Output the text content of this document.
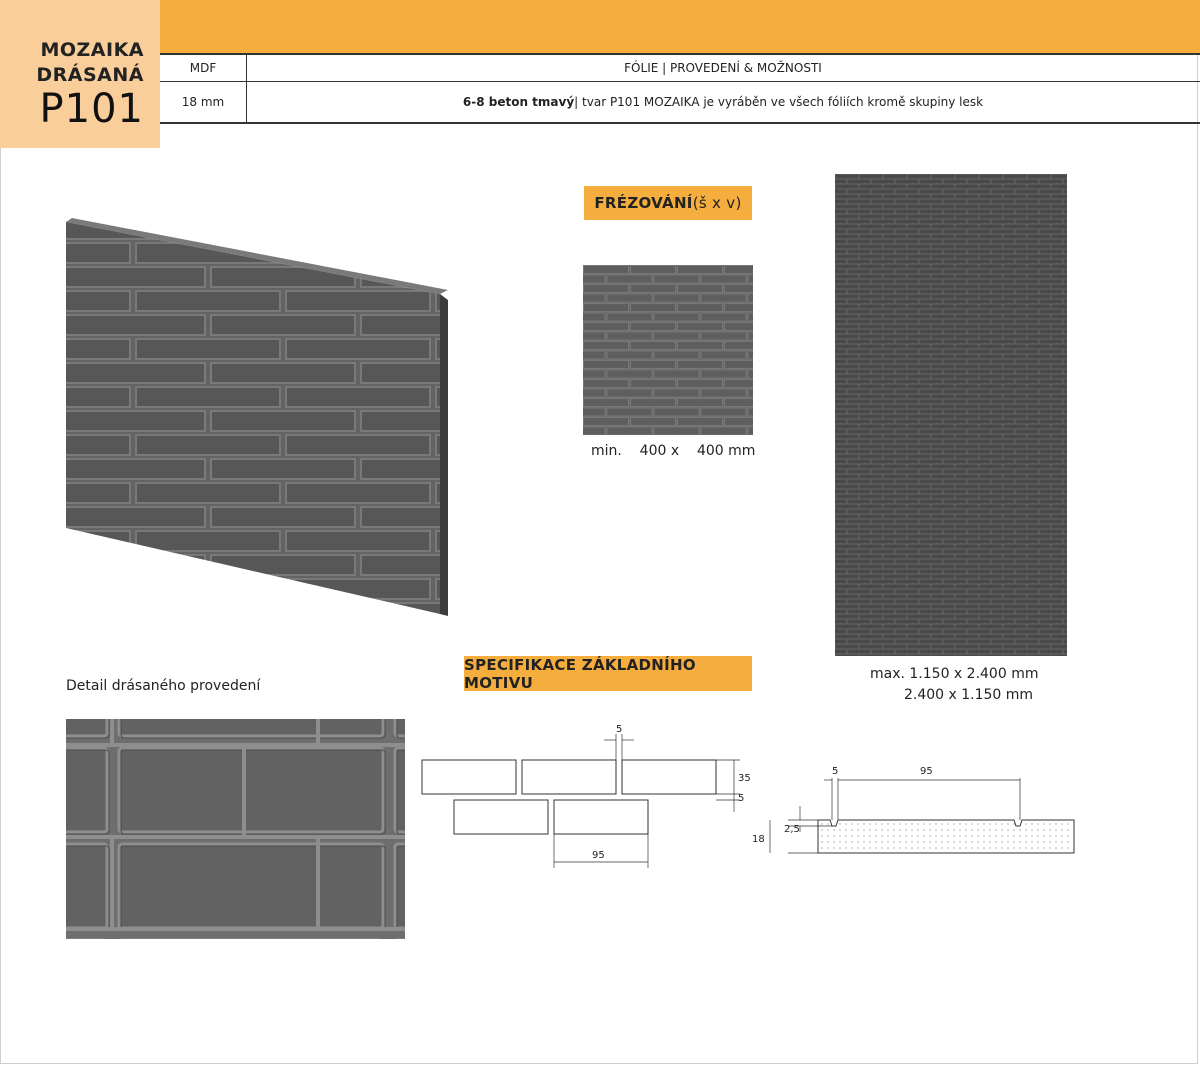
MOZAIKA
DRÁSANÁ
P101
MDF	FÓLIE | PROVEDENÍ & MOŽNOSTI
18 mm	6-8 beton tmavý | tvar P101 MOZAIKA je vyráběn ve všech fóliích kromě skupiny lesk
FRÉZOVÁNÍ (š x v)
min. 400 x 400 mm
max. 1.150 x 2.400 mm
2.400 x 1.150 mm
Detail drásaného provedení
SPECIFIKACE ZÁKLADNÍHO MOTIVU
5
35
5
95
5	95
2,5
18
